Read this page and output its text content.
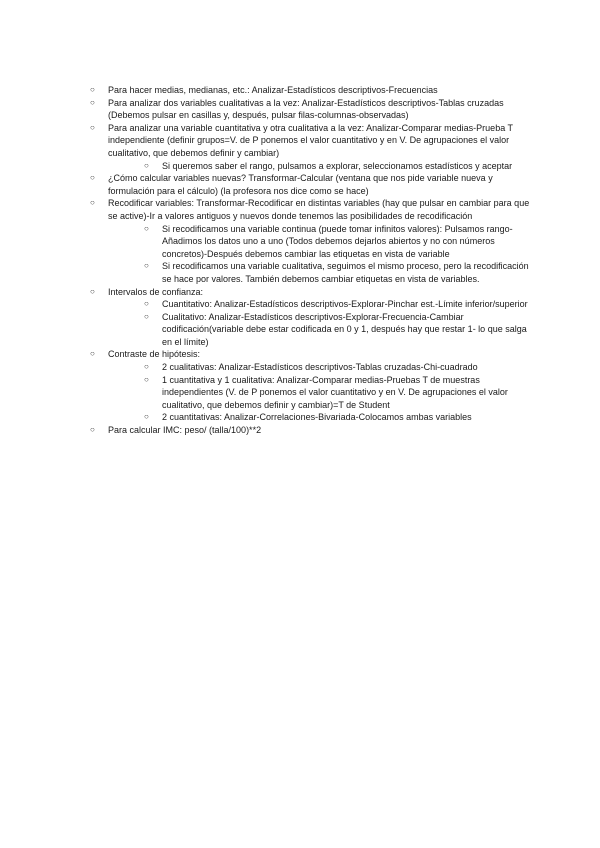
○ Para hacer medias, medianas, etc.: Analizar-Estadísticos descriptivos-Frecuencias
○ Para analizar dos variables cualitativas a la vez: Analizar-Estadísticos descriptivos-Tablas cruzadas (Debemos pulsar en casillas y, después, pulsar filas-columnas-observadas)
○ Para analizar una variable cuantitativa y otra cualitativa a la vez: Analizar-Comparar medias-Prueba T independiente (definir grupos=V. de P ponemos el valor cuantitativo y en V. De agrupaciones el valor cualitativo, que debemos definir y cambiar)
○ Si queremos saber el rango, pulsamos a explorar, seleccionamos estadísticos y aceptar
○ ¿Cómo calcular variables nuevas? Transformar-Calcular (ventana que nos pide variable nueva y formulación para el cálculo) (la profesora nos dice como se hace)
○ Recodificar variables: Transformar-Recodificar en distintas variables (hay que pulsar en cambiar para que se active)-Ir a valores antiguos y nuevos donde tenemos las posibilidades de recodificación
○ Si recodificamos una variable continua (puede tomar infinitos valores): Pulsamos rango-Añadimos los datos uno a uno (Todos debemos dejarlos abiertos y no con números concretos)-Después debemos cambiar las etiquetas en vista de variable
○ Si recodificamos una variable cualitativa, seguimos el mismo proceso, pero la recodificación se hace por valores. También debemos cambiar etiquetas en vista de variables.
○ Intervalos de confianza:
○ Cuantitativo: Analizar-Estadísticos descriptivos-Explorar-Pinchar est.-Límite inferior/superior
○ Cualitativo: Analizar-Estadísticos descriptivos-Explorar-Frecuencia-Cambiar codificación(variable debe estar codificada en 0 y 1, después hay que restar 1- lo que salga en el límite)
○ Contraste de hipótesis:
○ 2 cualitativas: Analizar-Estadísticos descriptivos-Tablas cruzadas-Chi-cuadrado
○ 1 cuantitativa y 1 cualitativa: Analizar-Comparar medias-Pruebas T de muestras independientes (V. de P ponemos el valor cuantitativo y en V. De agrupaciones el valor cualitativo, que debemos definir y cambiar)=T de Student
○ 2 cuantitativas: Analizar-Correlaciones-Bivariada-Colocamos ambas variables
○ Para calcular IMC: peso/ (talla/100)**2
